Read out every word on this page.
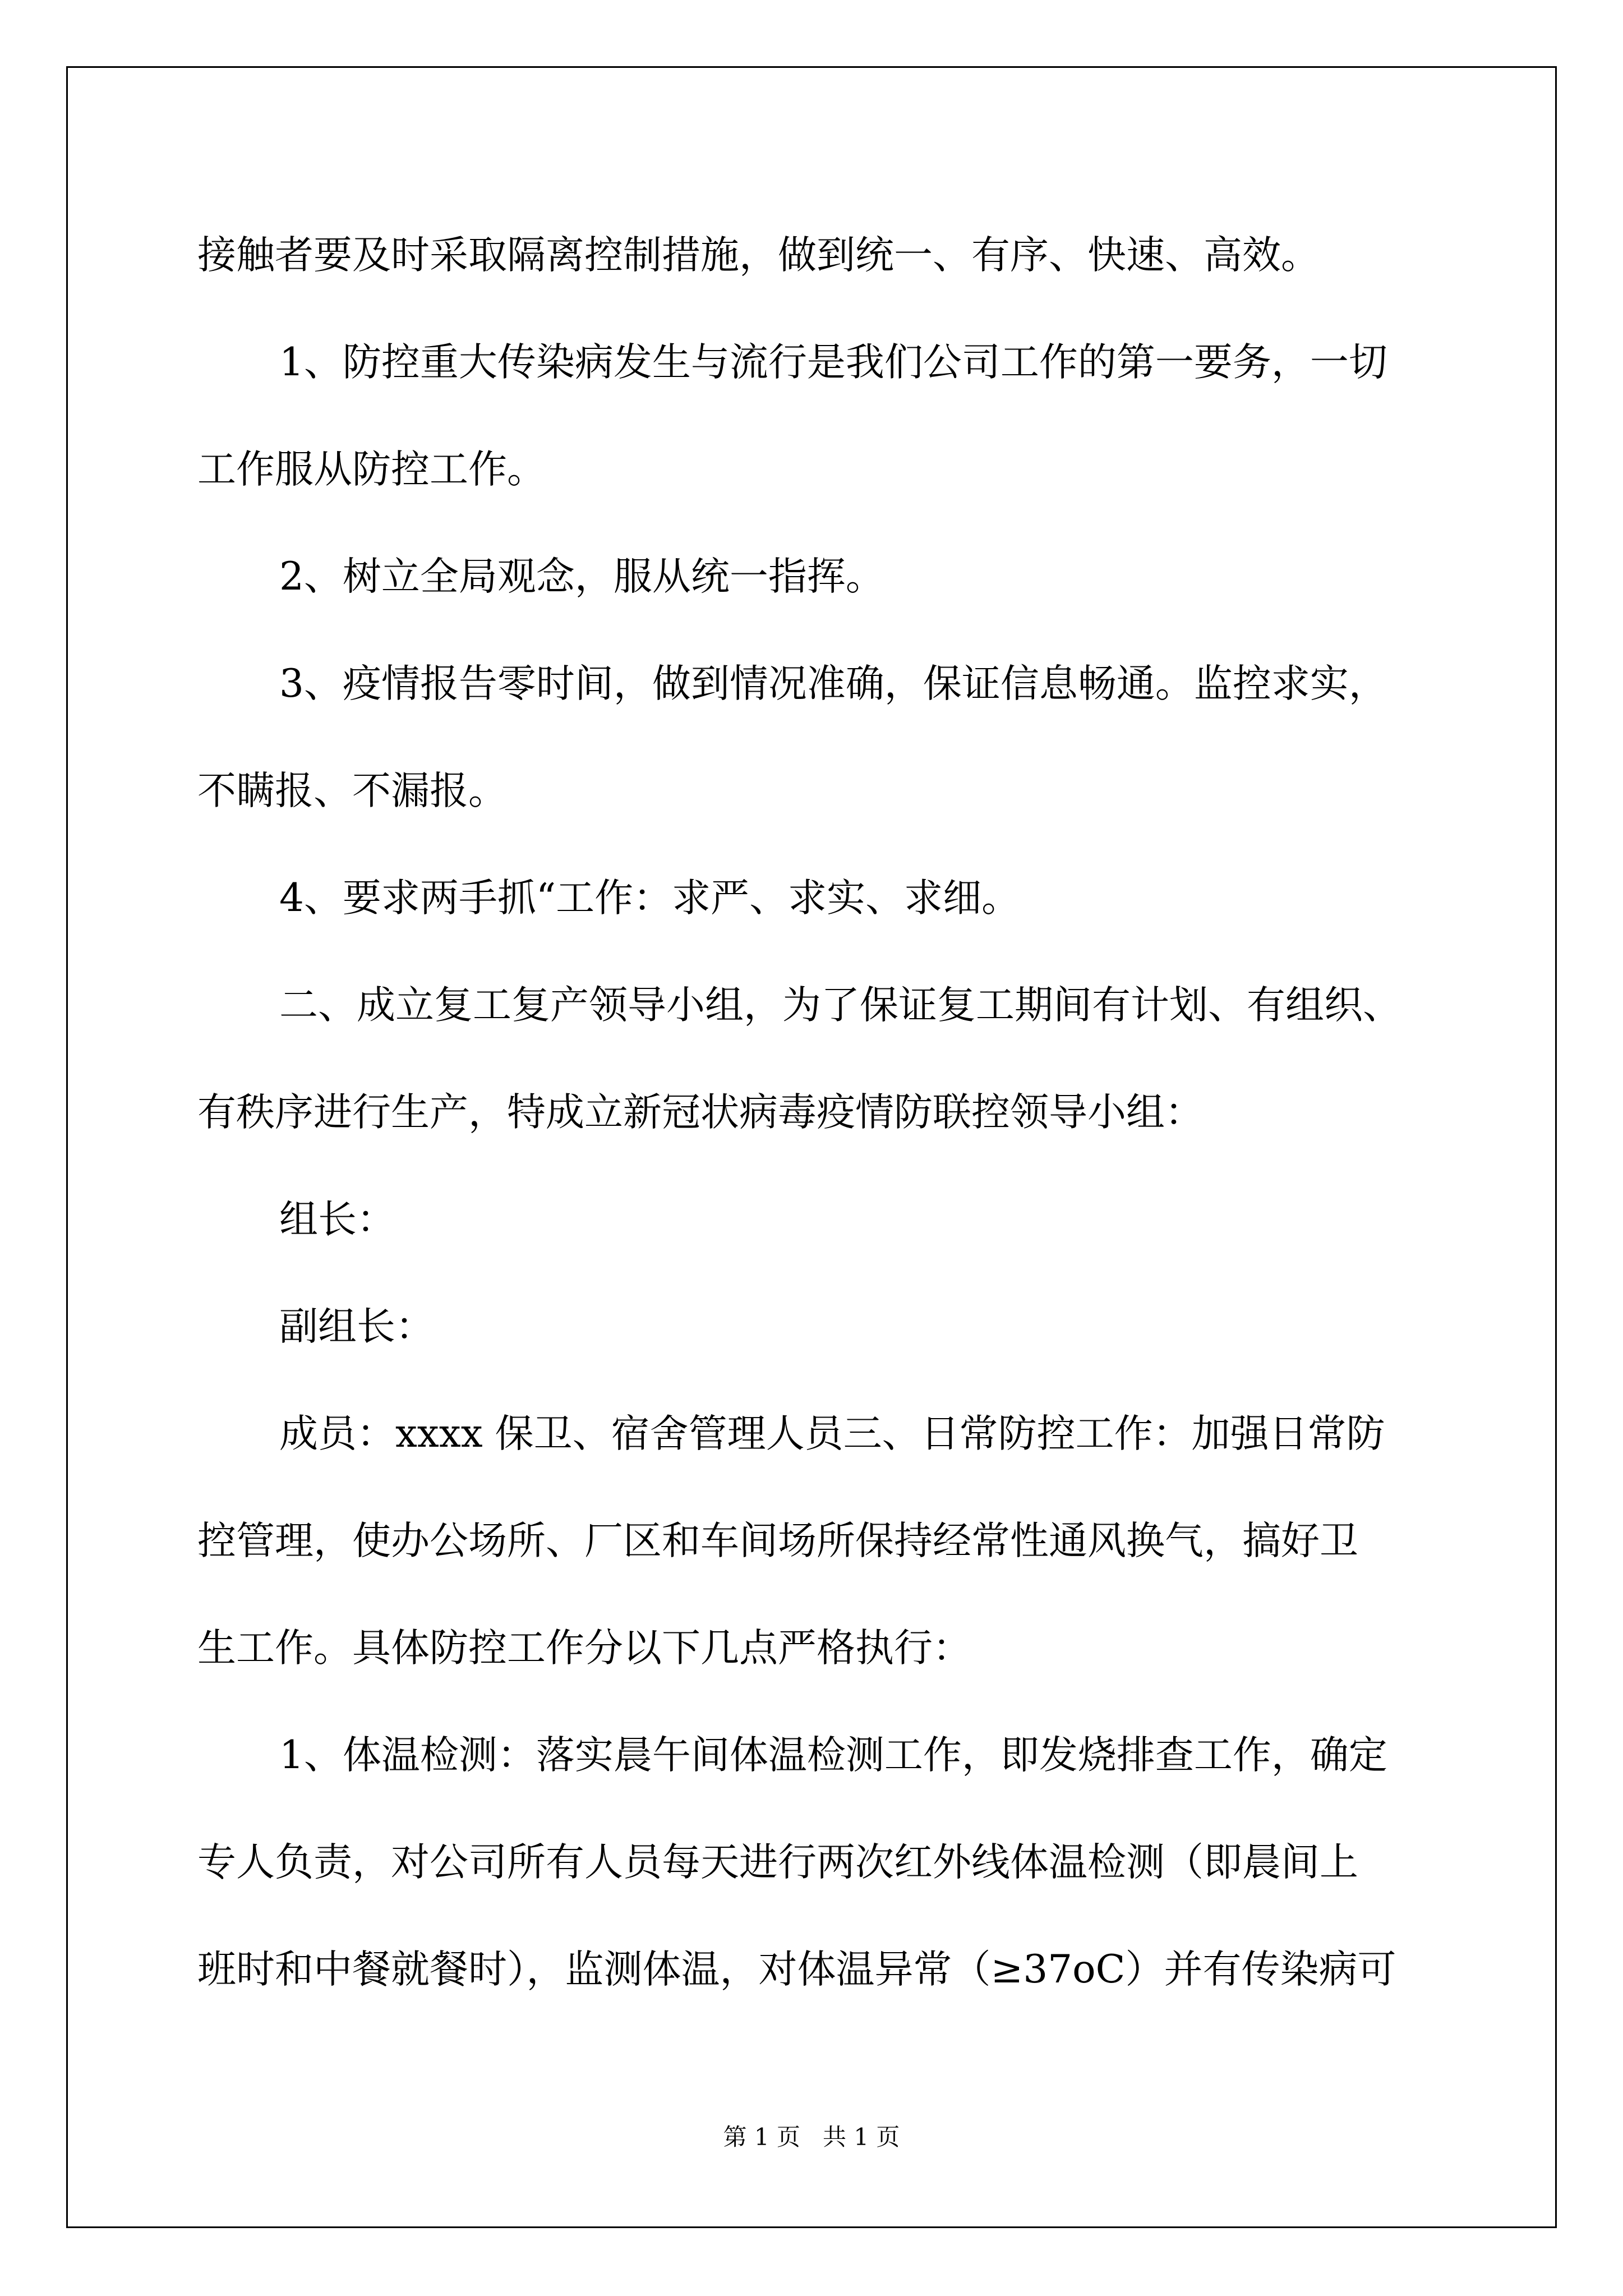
接触者要及时采取隔离控制措施，做到统一、有序、快速、高效。
1、防控重大传染病发生与流行是我们公司工作的第一要务，一切
工作服从防控工作。
2、树立全局观念，服从统一指挥。
3、疫情报告零时间，做到情况准确，保证信息畅通。监控求实，
不瞒报、不漏报。
4、要求两手抓“工作：求严、求实、求细。
二、成立复工复产领导小组，为了保证复工期间有计划、有组织、
有秩序进行生产，特成立新冠状病毒疫情防联控领导小组：
组长：
副组长：
成员：xxxx 保卫、宿舍管理人员三、日常防控工作：加强日常防
控管理，使办公场所、厂区和车间场所保持经常性通风换气，搞好卫
生工作。具体防控工作分以下几点严格执行：
1、体温检测：落实晨午间体温检测工作，即发烧排查工作，确定
专人负责，对公司所有人员每天进行两次红外线体温检测（即晨间上
班时和中餐就餐时），监测体温，对体温异常（≥37oC）并有传染病可
第 1 页 共 1 页
